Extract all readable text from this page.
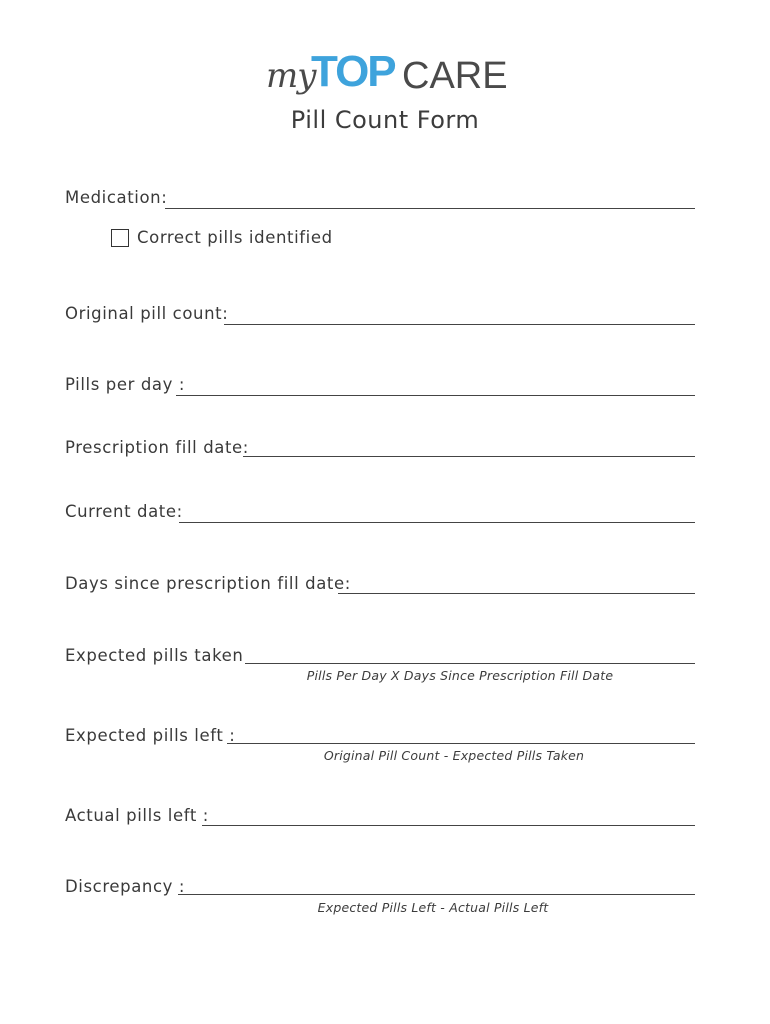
my
TOP CARE
Pill Count Form
Medication:
Correct pills identified
Original pill count:
Pills per day :
Prescription fill date:
Current date:
Days since prescription fill date:
Expected pills taken
Pills Per Day X Days Since Prescription Fill Date
Expected pills left :
Original Pill Count - Expected Pills Taken
Actual pills left :
Discrepancy :
Expected Pills Left - Actual Pills Left
